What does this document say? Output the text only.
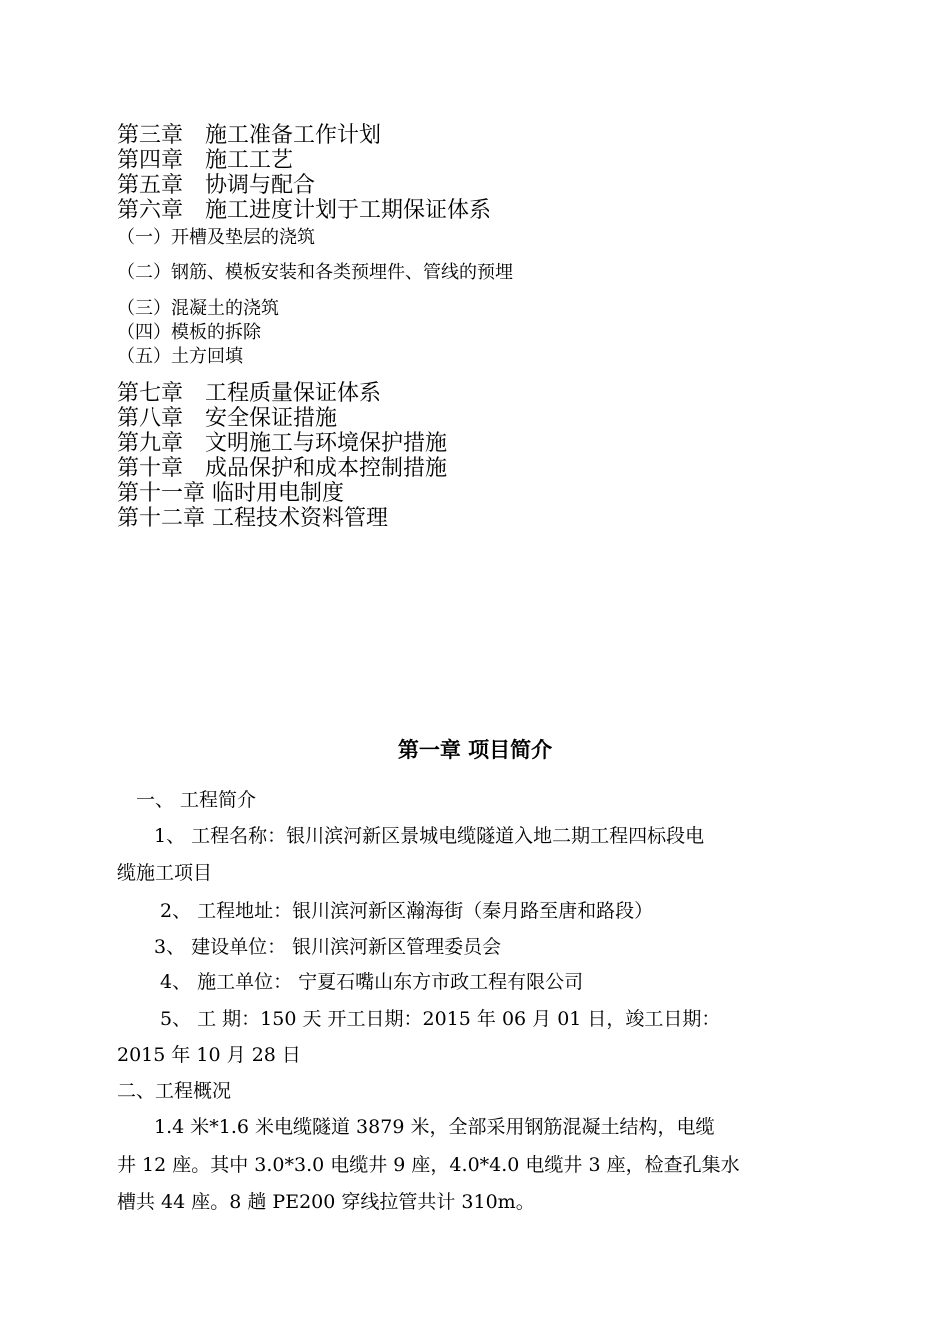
第三章　施工准备工作计划
第四章　施工工艺
第五章　协调与配合
第六章　施工进度计划于工期保证体系
（一）开槽及垫层的浇筑
（二）钢筋、模板安装和各类预埋件、管线的预埋
（三）混凝土的浇筑
（四）模板的拆除
（五）土方回填
第七章　工程质量保证体系
第八章　安全保证措施
第九章　文明施工与环境保护措施
第十章　成品保护和成本控制措施
第十一章 临时用电制度
第十二章 工程技术资料管理
第一章 项目简介
一、 工程简介
1、 工程名称：银川滨河新区景城电缆隧道入地二期工程四标段电
缆施工项目
2、 工程地址：银川滨河新区瀚海街（秦月路至唐和路段）
3、 建设单位： 银川滨河新区管理委员会
4、 施工单位： 宁夏石嘴山东方市政工程有限公司
5、 工 期：150 天 开工日期：2015 年 06 月 01 日，竣工日期：
2015 年 10 月 28 日
二、工程概况
1.4 米*1.6 米电缆隧道 3879 米，全部采用钢筋混凝土结构，电缆
井 12 座。其中 3.0*3.0 电缆井 9 座，4.0*4.0 电缆井 3 座，检查孔集水
槽共 44 座。8 趟 PE200 穿线拉管共计 310m。
